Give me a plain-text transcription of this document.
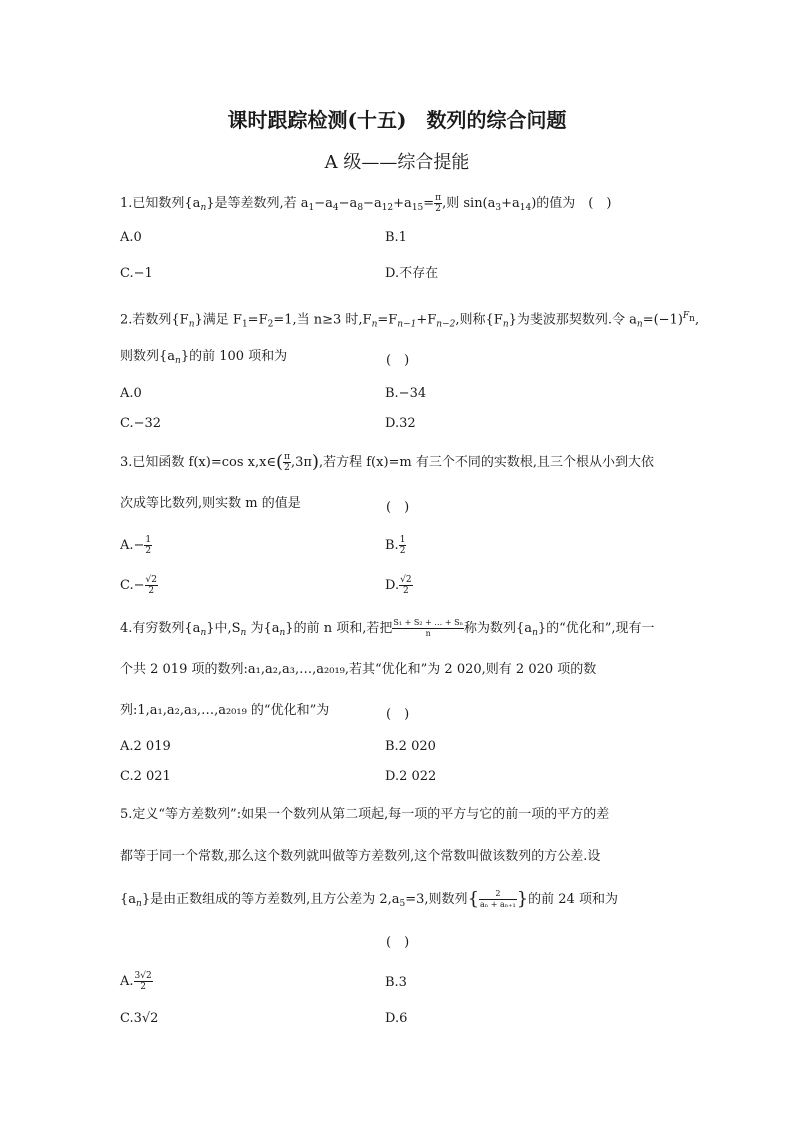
课时跟踪检测(十五)　数列的综合问题
A 级——综合提能
1.已知数列$\{a_n\}$是等差数列,若 $a_1-a_4-a_8-a_{12}+a_{15}= \frac{\pi}{2}$ ,则 $\sin(a_3+a_{14})$的值为　(　)
A.0	B.1
C.−1	D.不存在
2.若数列$\{F_n\}$满足 $F_1=F_2=1$,当 n≥3 时$,F_n=F_{n-1}+F_{n-2}$,则称$\{F_n\}$为斐波那契数列.令 $a_n=(-1)^{F_n}$,
则数列$\{a_n\}$的前 100 项和为	(　)
A.0	B.−34
C.−32	D.32
3.已知函数 f(x)=cos x,x∈( $\frac{\pi}{2} ,3\pi$),若方程 f(x)=m 有三个不同的实数根,且三个根从小到大依
次成等比数列,则实数 m 的值是	(　)
$A.- \frac{1}{2}$	B. $\frac{1}{2}$
$C.- \frac{√2}{2}$	D. $\frac{√2}{2}$
4.有穷数列$\{a_n\}$中$,S_n$ 为$\{a_n\}$的前 n 项和,若把 $\frac{\text{S₁ + S₂ + … + Sₙ}}{n}$ 称为数列$\{a_n\}$的“优化和”,现有一
个共 2 019 项的数列:a₁,a₂,a₃,…,a₂₀₁₉,若其“优化和”为 2 020,则有 2 020 项的数
列:1,a₁,a₂,a₃,…,a₂₀₁₉ 的“优化和”为	(　)
A.2 019	B.2 020
C.2 021	D.2 022
5.定义“等方差数列”:如果一个数列从第二项起,每一项的平方与它的前一项的平方的差
都等于同一个常数,那么这个数列就叫做等方差数列,这个常数叫做该数列的方公差.设
$\{a_n\}$是由正数组成的等方差数列,且方公差为 $2,a_5=3$,则数列{ $\frac{2}{\text{aₙ + aₙ₊₁}}$ }的前 24 项和为
(　)
A. $\frac{3√2}{2}$	B.3
C.3√2	D.6
